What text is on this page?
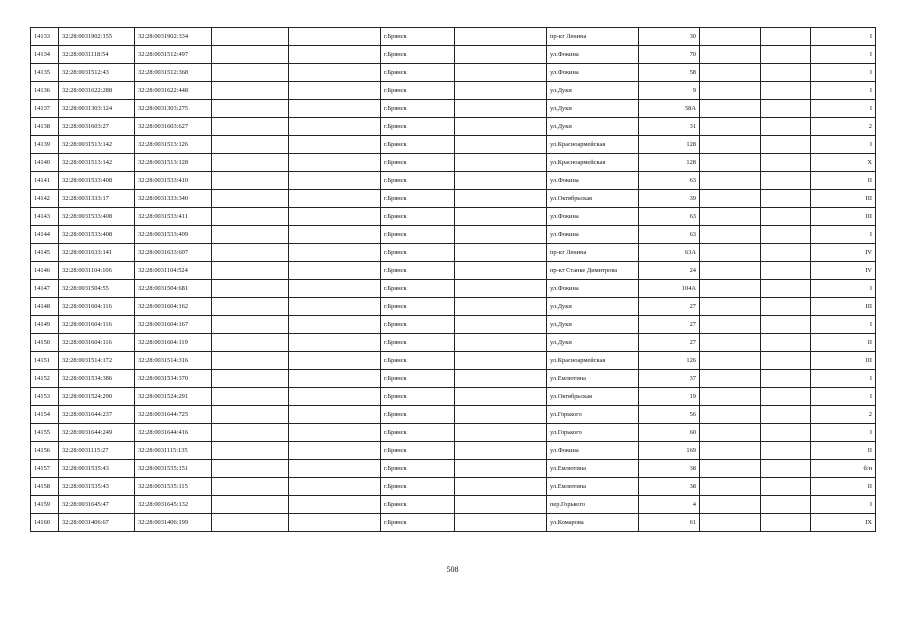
14133	32:28:0031902:155	32:28:0031902:334			г.Брянск		пр-кт Ленина	30			I
14134	32:28:0031118:54	32:28:0031512:497			г.Брянск		ул.Фокина	70			I
14135	32:28:0031512:43	32:28:0031512:368			г.Брянск		ул.Фокина	58			I
14136	32:28:0031622:288	32:28:0031622:448			г.Брянск		ул.Дуки	9			I
14137	32:28:0031303:124	32:28:0031303:275			г.Брянск		ул.Дуки	58А			I
14138	32:28:0031603:27	32:28:0031603:627			г.Брянск		ул.Дуки	31			2
14139	32:28:0031513:142	32:28:0031513:126			г.Брянск		ул.Красноармейская	128			I
14140	32:28:0031513:142	32:28:0031513:128			г.Брянск		ул.Красноармейская	128			X
14141	32:28:0031533:408	32:28:0031533:410			г.Брянск		ул.Фокина	63			II
14142	32:28:0031333:17	32:28:0031333:340			г.Брянск		ул.Октябрьская	39			III
14143	32:28:0031533:408	32:28:0031533:411			г.Брянск		ул.Фокина	63			III
14144	32:28:0031533:408	32:28:0031533:409			г.Брянск		ул.Фокина	63			I
14145	32:28:0031633:141	32:28:0031633:607			г.Брянск		пр-кт Ленина	63А			IV
14146	32:28:0031104:106	32:28:0031104:524			г.Брянск		пр-кт Станке Димитрова	24			IV
14147	32:28:0031504:55	32:28:0031504:681			г.Брянск		ул.Фокина	104А			I
14148	32:28:0031604:116	32:28:0031604:162			г.Брянск		ул.Дуки	27			III
14149	32:28:0031604:116	32:28:0031604:167			г.Брянск		ул.Дуки	27			I
14150	32:28:0031604:116	32:28:0031604:119			г.Брянск		ул.Дуки	27			II
14151	32:28:0031514:172	32:28:0031514:316			г.Брянск		ул.Красноармейская	126			III
14152	32:28:0031534:386	32:28:0031534:370			г.Брянск		ул.Емлютина	37			I
14153	32:28:0031524:290	32:28:0031524:291			г.Брянск		ул.Октябрьская	19			I
14154	32:28:0031644:237	32:28:0031644:725			г.Брянск		ул.Горького	56			2
14155	32:28:0031644:249	32:28:0031644:416			г.Брянск		ул.Горького	60			I
14156	32:28:0031115:27	32:28:0031115:135			г.Брянск		ул.Фокина	169			II
14157	32:28:0031535:43	32:28:0031535:151			г.Брянск		ул.Емлютина	38			б/н
14158	32:28:0031535:43	32:28:0031535:115			г.Брянск		ул.Емлютина	38			II
14159	32:28:0031645:47	32:28:0031645:132			г.Брянск		пер.Горького	4			I
14160	32:28:0031406:67	32:28:0031406:199			г.Брянск		ул.Комарова	61			IX
508
